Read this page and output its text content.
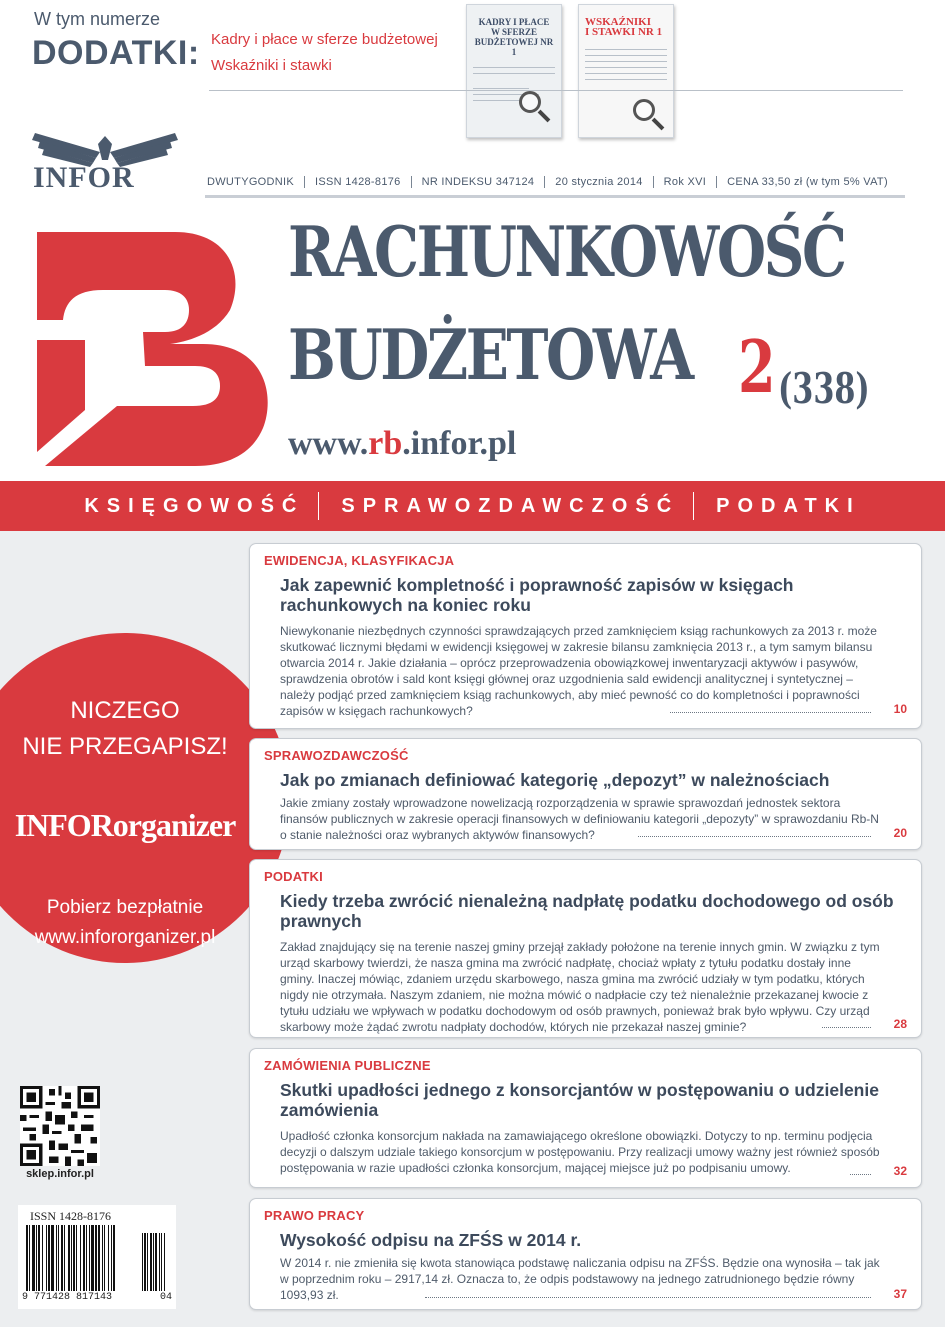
W tym numerze
DODATKI: Kadry i płace w sferze budżetowej
Wskaźniki i stawki
KADRY I PŁACE
W SFERZE BUDŻETOWEJ NR 1
WSKAŹNIKI
I STAWKI NR 1
INFOR	DWUTYGODNIK	ISSN 1428-8176	NR INDEKSU 347124	20 stycznia 2014	Rok XVI	CENA 33,50 zł (w tym 5% VAT)
RACHUNKOWOŚĆ
BUDŻETOWA 2 (338)
www.rb.infor.pl
KSIĘGOWOŚĆ SPRAWOZDAWCZOŚĆ PODATKI
NICZEGO
NIE PRZEGAPISZ!
INFORorganizer
Pobierz bezpłatnie
www.infororganizer.pl
sklep.infor.pl
ISSN 1428-8176
9 771428 817143	04
EWIDENCJA, KLASYFIKACJA
Jak zapewnić kompletność i poprawność zapisów w księgach rachunkowych na koniec roku
Niewykonanie niezbędnych czynności sprawdzających przed zamknięciem ksiąg rachunkowych za 2013 r. może skutkować licznymi błędami w ewidencji księgowej w zakresie bilansu zamknięcia 2013 r., a tym samym bilansu otwarcia 2014 r. Jakie działania – oprócz przeprowadzenia obowiązkowej inwentaryzacji aktywów i pasywów, sprawdzenia obrotów i sald kont księgi głównej oraz uzgodnienia sald ewidencji analitycznej i syntetycznej – należy podjąć przed zamknięciem ksiąg rachunkowych, aby mieć pewność co do kompletności i poprawności zapisów w księgach rachunkowych?	10
SPRAWOZDAWCZOŚĆ
Jak po zmianach definiować kategorię „depozyt” w należnościach
Jakie zmiany zostały wprowadzone nowelizacją rozporządzenia w sprawie sprawozdań jednostek sektora finansów publicznych w zakresie operacji finansowych w definiowaniu kategorii „depozyty” w sprawozdaniu Rb-N o stanie należności oraz wybranych aktywów finansowych?	20
PODATKI
Kiedy trzeba zwrócić nienależną nadpłatę podatku dochodowego od osób prawnych
Zakład znajdujący się na terenie naszej gminy przejął zakłady położone na terenie innych gmin. W związku z tym urząd skarbowy twierdzi, że nasza gmina ma zwrócić nadpłatę, chociaż wpłaty z tytułu podatku dostały inne gminy. Inaczej mówiąc, zdaniem urzędu skarbowego, nasza gmina ma zwrócić udziały w tym podatku, których nigdy nie otrzymała. Naszym zdaniem, nie można mówić o nadpłacie czy też nienależnie przekazanej kwocie z tytułu udziału we wpływach w podatku dochodowym od osób prawnych, ponieważ brak było wpływu. Czy urząd skarbowy może żądać zwrotu nadpłaty dochodów, których nie przekazał naszej gminie?	28
ZAMÓWIENIA PUBLICZNE
Skutki upadłości jednego z konsorcjantów w postępowaniu o udzielenie zamówienia
Upadłość członka konsorcjum nakłada na zamawiającego określone obowiązki. Dotyczy to np. terminu podjęcia decyzji o dalszym udziale takiego konsorcjum w postępowaniu. Przy realizacji umowy ważny jest również sposób postępowania w razie upadłości członka konsorcjum, mającej miejsce już po podpisaniu umowy.	32
PRAWO PRACY
Wysokość odpisu na ZFŚS w 2014 r.
W 2014 r. nie zmieniła się kwota stanowiąca podstawę naliczania odpisu na ZFŚS. Będzie ona wynosiła – tak jak w poprzednim roku – 2917,14 zł. Oznacza to, że odpis podstawowy na jednego zatrudnionego będzie równy 1093,93 zł.	37
